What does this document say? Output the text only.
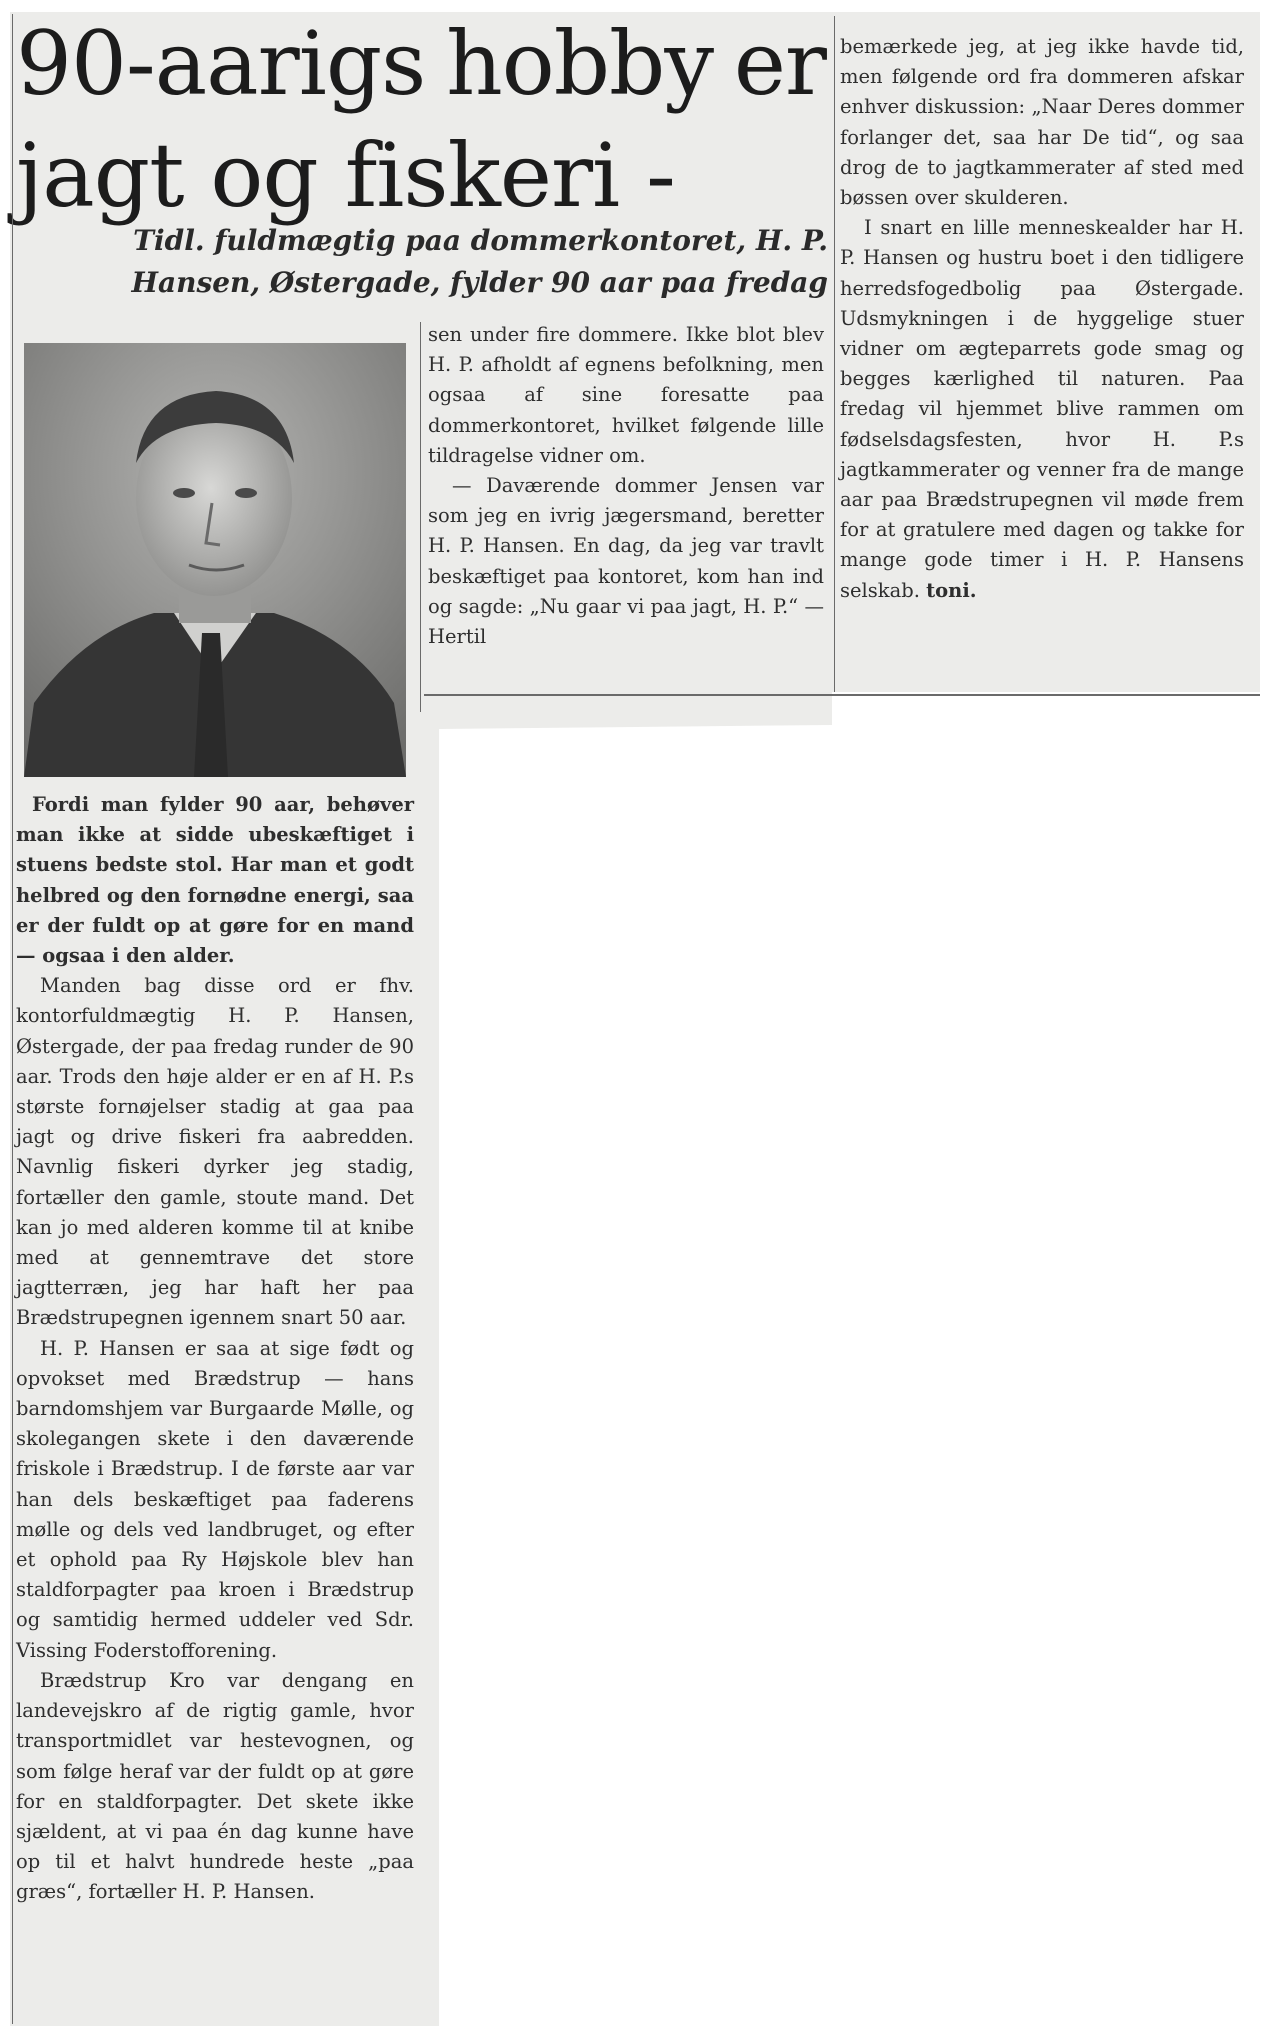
90-aarigs hobby er
jagt og fiskeri -

Tidl. fuldmægtig paa dommerkontoret, H. P. Hansen, Østergade, fylder 90 aar paa fredag

sen under fire dommere. Ikke blot blev H. P. afholdt af egnens befolkning, men ogsaa af sine foresatte paa dommerkontoret, hvilket følgende lille tildragelse vidner om.

— Daværende dommer Jensen var som jeg en ivrig jægersmand, beretter H. P. Hansen. En dag, da jeg var travlt beskæftiget paa kontoret, kom han ind og sagde: „Nu gaar vi paa jagt, H. P.“ — Hertil

bemærkede jeg, at jeg ikke havde tid, men følgende ord fra dommeren afskar enhver diskussion: „Naar Deres dommer forlanger det, saa har De tid“, og saa drog de to jagtkammerater af sted med bøssen over skulderen.

I snart en lille menneskealder har H. P. Hansen og hustru boet i den tidligere herredsfogedbolig paa Østergade. Udsmykningen i de hyggelige stuer vidner om ægteparrets gode smag og begges kærlighed til naturen. Paa fredag vil hjemmet blive rammen om fødselsdagsfesten, hvor H. P.s jagtkammerater og venner fra de mange aar paa Brædstrupegnen vil møde frem for at gratulere med dagen og takke for mange gode timer i H. P. Hansens selskab. toni.

Fordi man fylder 90 aar, behøver man ikke at sidde ubeskæftiget i stuens bedste stol. Har man et godt helbred og den fornødne energi, saa er der fuldt op at gøre for en mand — ogsaa i den alder.

Manden bag disse ord er fhv. kontorfuldmægtig H. P. Hansen, Østergade, der paa fredag runder de 90 aar. Trods den høje alder er en af H. P.s største fornøjelser stadig at gaa paa jagt og drive fiskeri fra aabredden. Navnlig fiskeri dyrker jeg stadig, fortæller den gamle, stoute mand. Det kan jo med alderen komme til at knibe med at gennemtrave det store jagtterræn, jeg har haft her paa Brædstrupegnen igennem snart 50 aar.

H. P. Hansen er saa at sige født og opvokset med Brædstrup — hans barndomshjem var Burgaarde Mølle, og skolegangen skete i den daværende friskole i Brædstrup. I de første aar var han dels beskæftiget paa faderens mølle og dels ved landbruget, og efter et ophold paa Ry Højskole blev han staldforpagter paa kroen i Brædstrup og samtidig hermed uddeler ved Sdr. Vissing Foderstofforening.

Brædstrup Kro var dengang en landevejskro af de rigtig gamle, hvor transportmidlet var hestevognen, og som følge heraf var der fuldt op at gøre for en staldforpagter. Det skete ikke sjældent, at vi paa én dag kunne have op til et halvt hundrede heste „paa græs“, fortæller H. P. Hansen.
